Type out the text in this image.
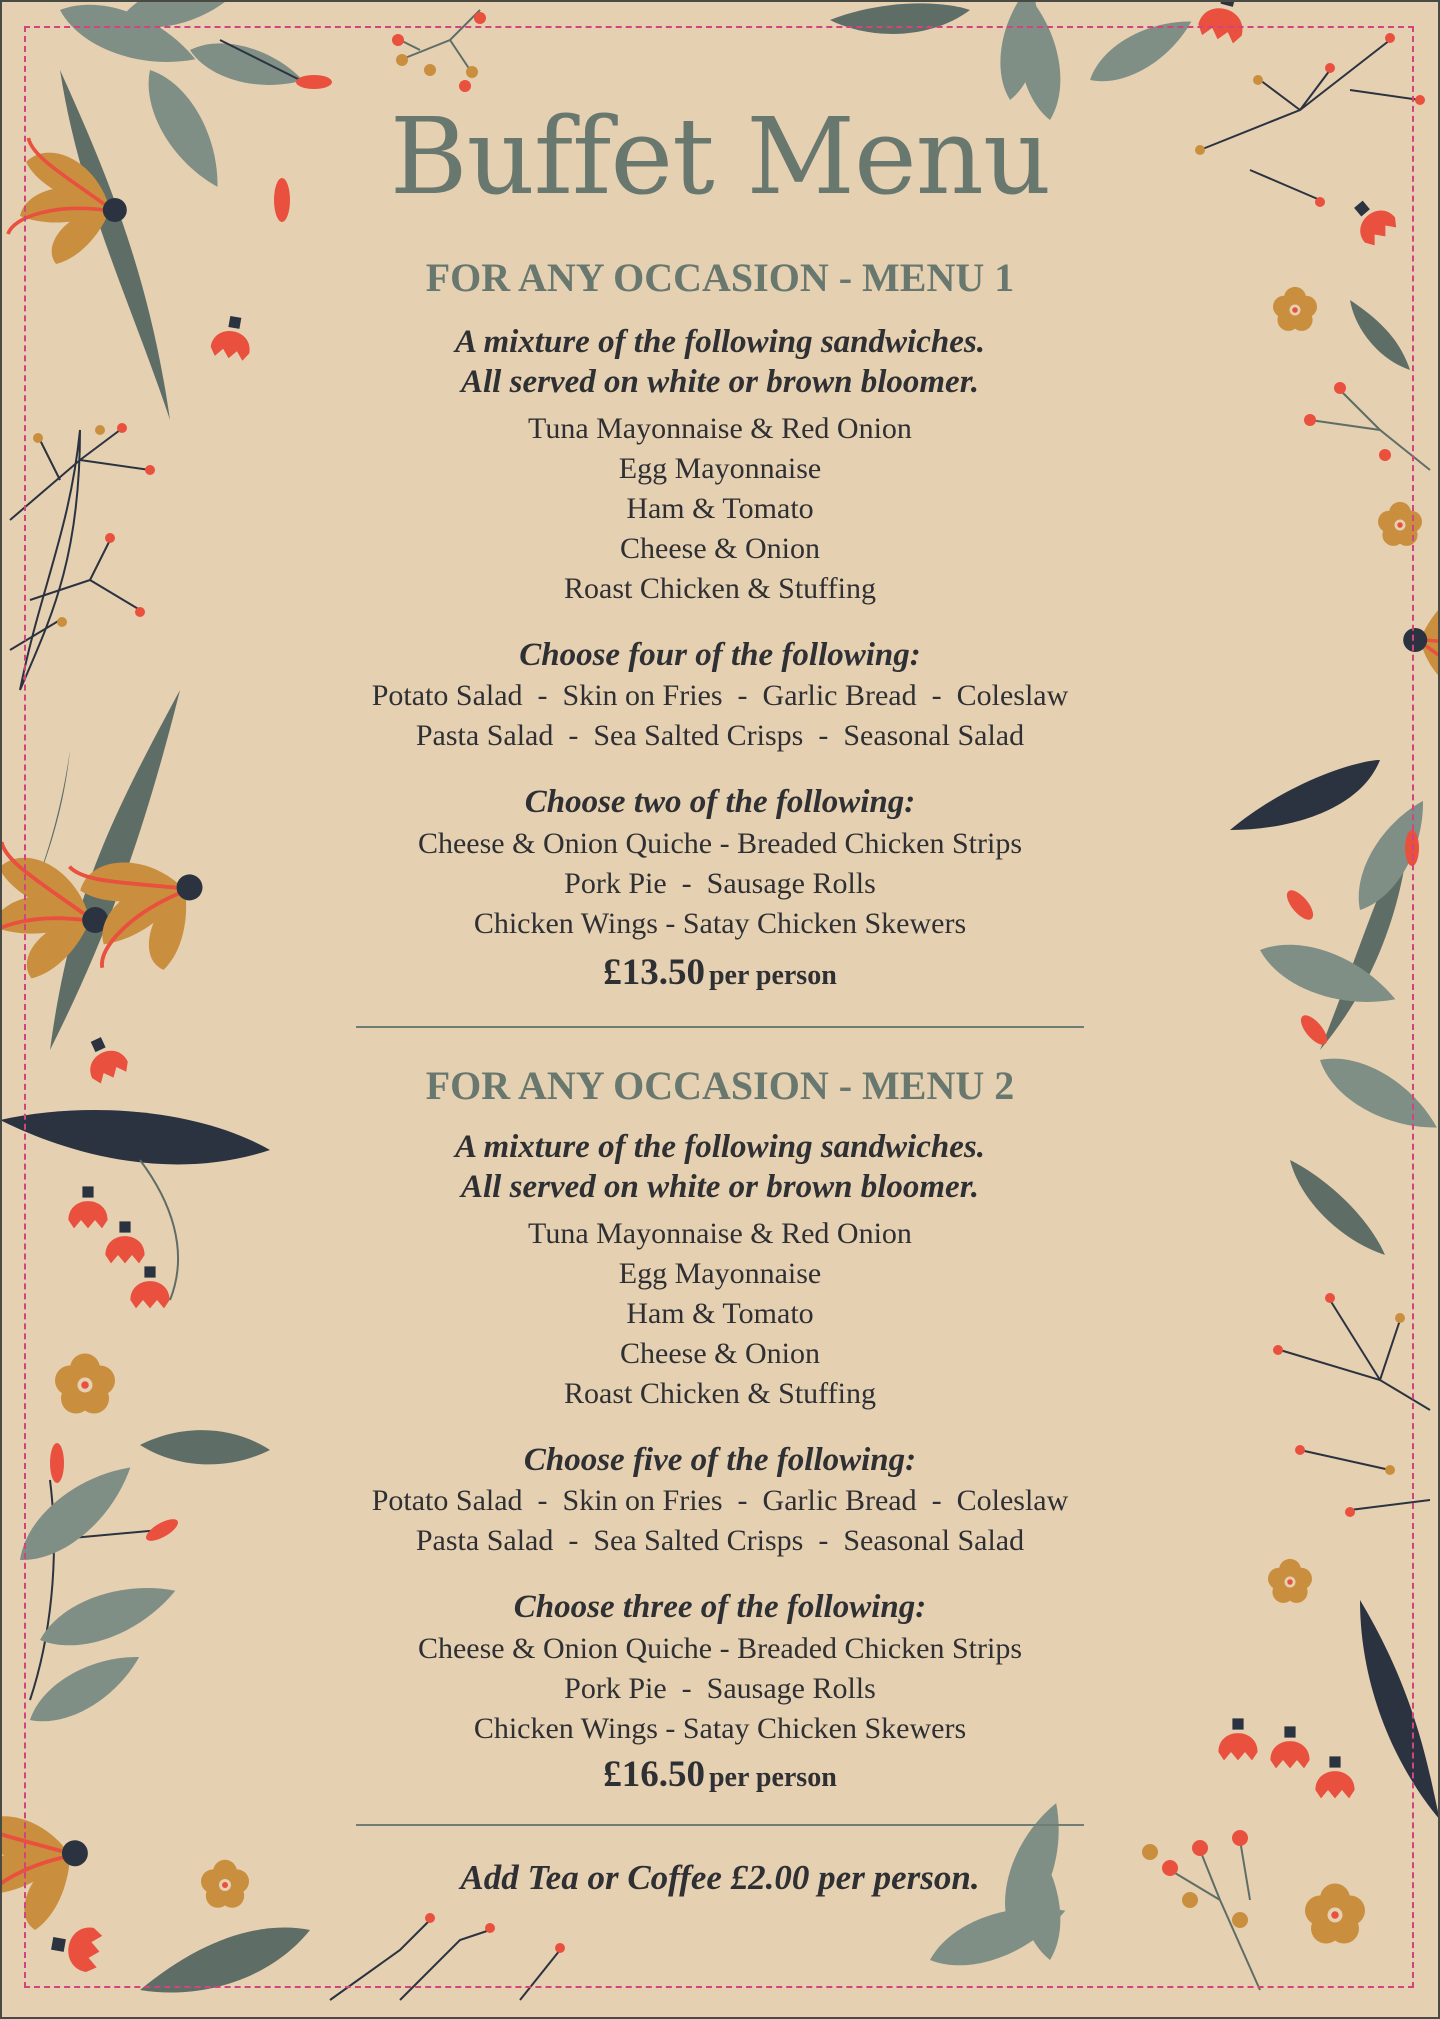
Buffet Menu
FOR ANY OCCASION - MENU 1
A mixture of the following sandwiches.
All served on white or brown bloomer.
Tuna Mayonnaise & Red Onion
Egg Mayonnaise
Ham & Tomato
Cheese & Onion
Roast Chicken & Stuffing
Choose four of the following:
Potato Salad  -  Skin on Fries  -  Garlic Bread  -  Coleslaw
Pasta Salad  -  Sea Salted Crisps  -  Seasonal Salad
Choose two of the following:
Cheese & Onion Quiche - Breaded Chicken Strips
Pork Pie  -  Sausage Rolls
Chicken Wings - Satay Chicken Skewers
£13.50 per person
FOR ANY OCCASION - MENU 2
A mixture of the following sandwiches.
All served on white or brown bloomer.
Tuna Mayonnaise & Red Onion
Egg Mayonnaise
Ham & Tomato
Cheese & Onion
Roast Chicken & Stuffing
Choose five of the following:
Potato Salad  -  Skin on Fries  -  Garlic Bread  -  Coleslaw
Pasta Salad  -  Sea Salted Crisps  -  Seasonal Salad
Choose three of the following:
Cheese & Onion Quiche - Breaded Chicken Strips
Pork Pie  -  Sausage Rolls
Chicken Wings - Satay Chicken Skewers
£16.50 per person
Add Tea or Coffee £2.00 per person.
